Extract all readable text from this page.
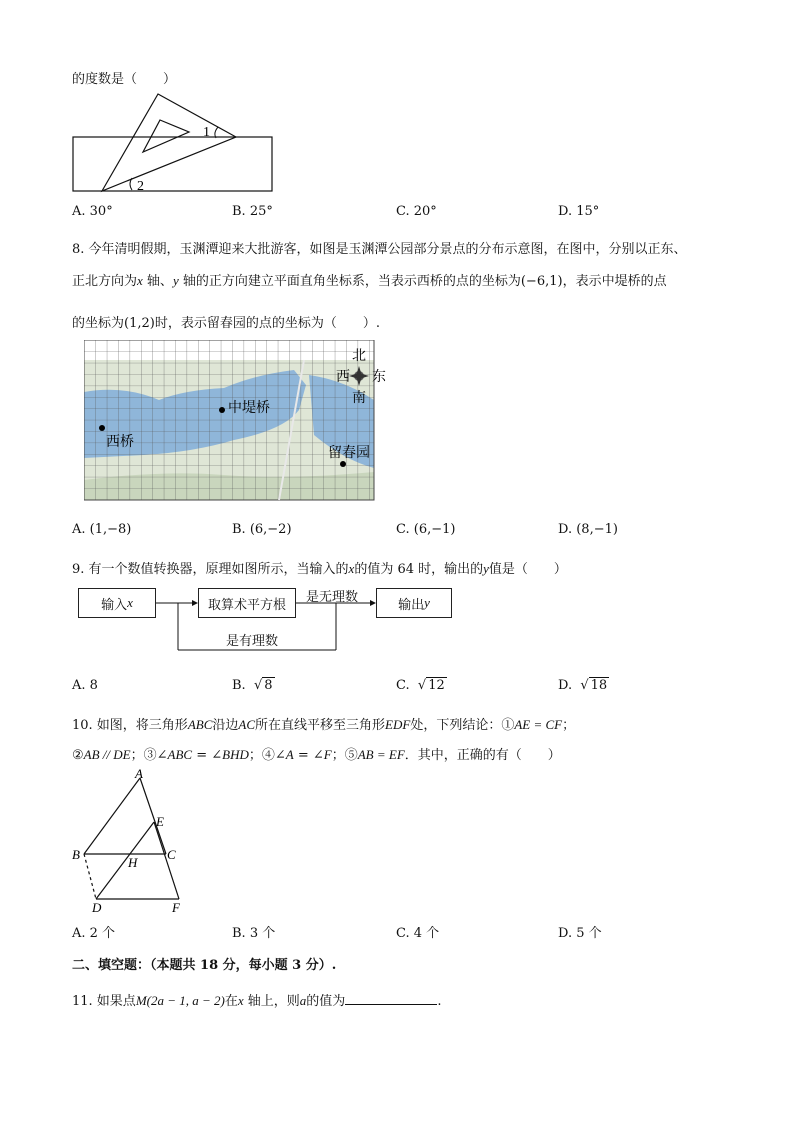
的度数是（　　）
1
2
A. 30°	B. 25°	C. 20°	D. 15°
8. 今年清明假期，玉渊潭迎来大批游客，如图是玉渊潭公园部分景点的分布示意图，在图中，分别以正东、
正北方向为x 轴、y 轴的正方向建立平面直角坐标系，当表示西桥的点的坐标为(−6,1)，表示中堤桥的点
的坐标为(1,2)时，表示留春园的点的坐标为（　　）.
西桥
中堤桥
留春园
北
南
西 东
A. (1,−8)	B. (6,−2)	C. (6,−1)	D. (8,−1)
9. 有一个数值转换器，原理如图所示，当输入的x的值为 64 时，输出的y值是（　　）
输入 x	取算术平方根	输出 y
是无理数
是有理数
A. 8	B.  √ 8	C.  √ 12	D.  √ 18
10. 如图，将三角形ABC沿边AC所在直线平移至三角形EDF处，下列结论：①AE = CF；
②AB // DE；③∠ABC = ∠BHD；④∠A = ∠F；⑤AB = EF．其中，正确的有（　　）
A
E
B
H
C
D	F
A. 2 个	B. 3 个	C. 4 个	D. 5 个
二、填空题：（本题共 18 分，每小题 3 分）.
11. 如果点M(2a − 1, a − 2)在x 轴上，则a的值为	.
